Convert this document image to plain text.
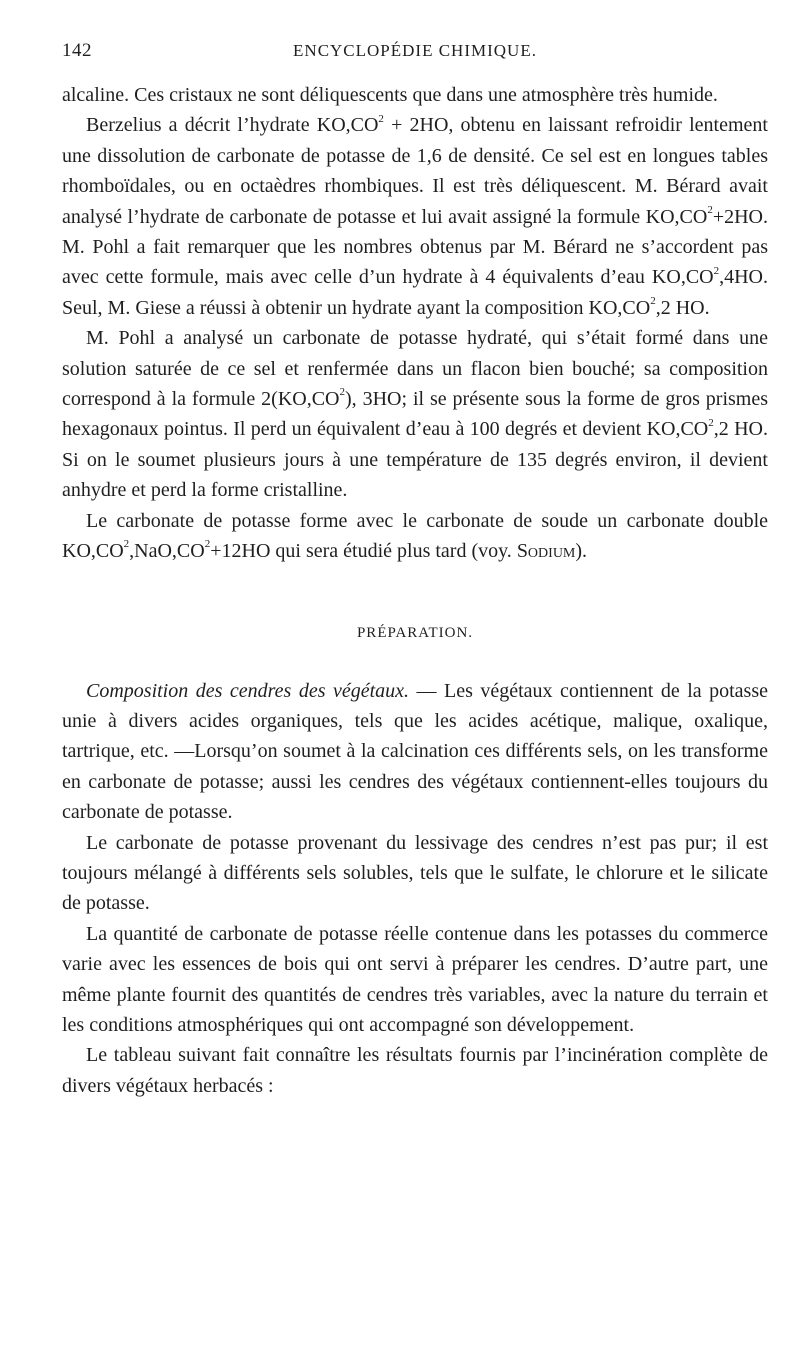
142	ENCYCLOPÉDIE CHIMIQUE.

alcaline. Ces cristaux ne sont déliquescents que dans une atmosphère très humide.

Berzelius a décrit l’hydrate $KO,CO^2 + 2HO$, obtenu en laissant refroidir lentement une dissolution de carbonate de potasse de 1,6 de densité. Ce sel est en longues tables rhomboïdales, ou en octaèdres rhombiques. Il est très déliquescent. M. Bérard avait analysé l’hydrate de carbonate de potasse et lui avait assigné la formule $KO,CO^2+2HO$. M. Pohl a fait remarquer que les nombres obtenus par M. Bérard ne s’accordent pas avec cette formule, mais avec celle d’un hydrate à 4 équivalents d’eau $KO,CO^2,4HO$. Seul, M. Giese a réussi à obtenir un hydrate ayant la composition $KO,CO^2,2$ HO.

M. Pohl a analysé un carbonate de potasse hydraté, qui s’était formé dans une solution saturée de ce sel et renfermée dans un flacon bien bouché; sa composition correspond à la formule $2(KO,CO^2)$, 3HO; il se présente sous la forme de gros prismes hexagonaux pointus. Il perd un équivalent d’eau à 100 degrés et devient $KO,CO^2,2$ HO. Si on le soumet plusieurs jours à une température de 135 degrés environ, il devient anhydre et perd la forme cristalline.

Le carbonate de potasse forme avec le carbonate de soude un carbonate double $KO,CO^2,NaO,CO^2+12HO$ qui sera étudié plus tard (voy. Sodium).

PRÉPARATION.

Composition des cendres des végétaux. — Les végétaux contiennent de la potasse unie à divers acides organiques, tels que les acides acétique, malique, oxalique, tartrique, etc. —Lorsqu’on soumet à la calcination ces différents sels, on les transforme en carbonate de potasse; aussi les cendres des végétaux contiennent-elles toujours du carbonate de potasse.

Le carbonate de potasse provenant du lessivage des cendres n’est pas pur; il est toujours mélangé à différents sels solubles, tels que le sulfate, le chlorure et le silicate de potasse.

La quantité de carbonate de potasse réelle contenue dans les potasses du commerce varie avec les essences de bois qui ont servi à préparer les cendres. D’autre part, une même plante fournit des quantités de cendres très variables, avec la nature du terrain et les conditions atmosphériques qui ont accompagné son développement.

Le tableau suivant fait connaître les résultats fournis par l’incinération complète de divers végétaux herbacés :
